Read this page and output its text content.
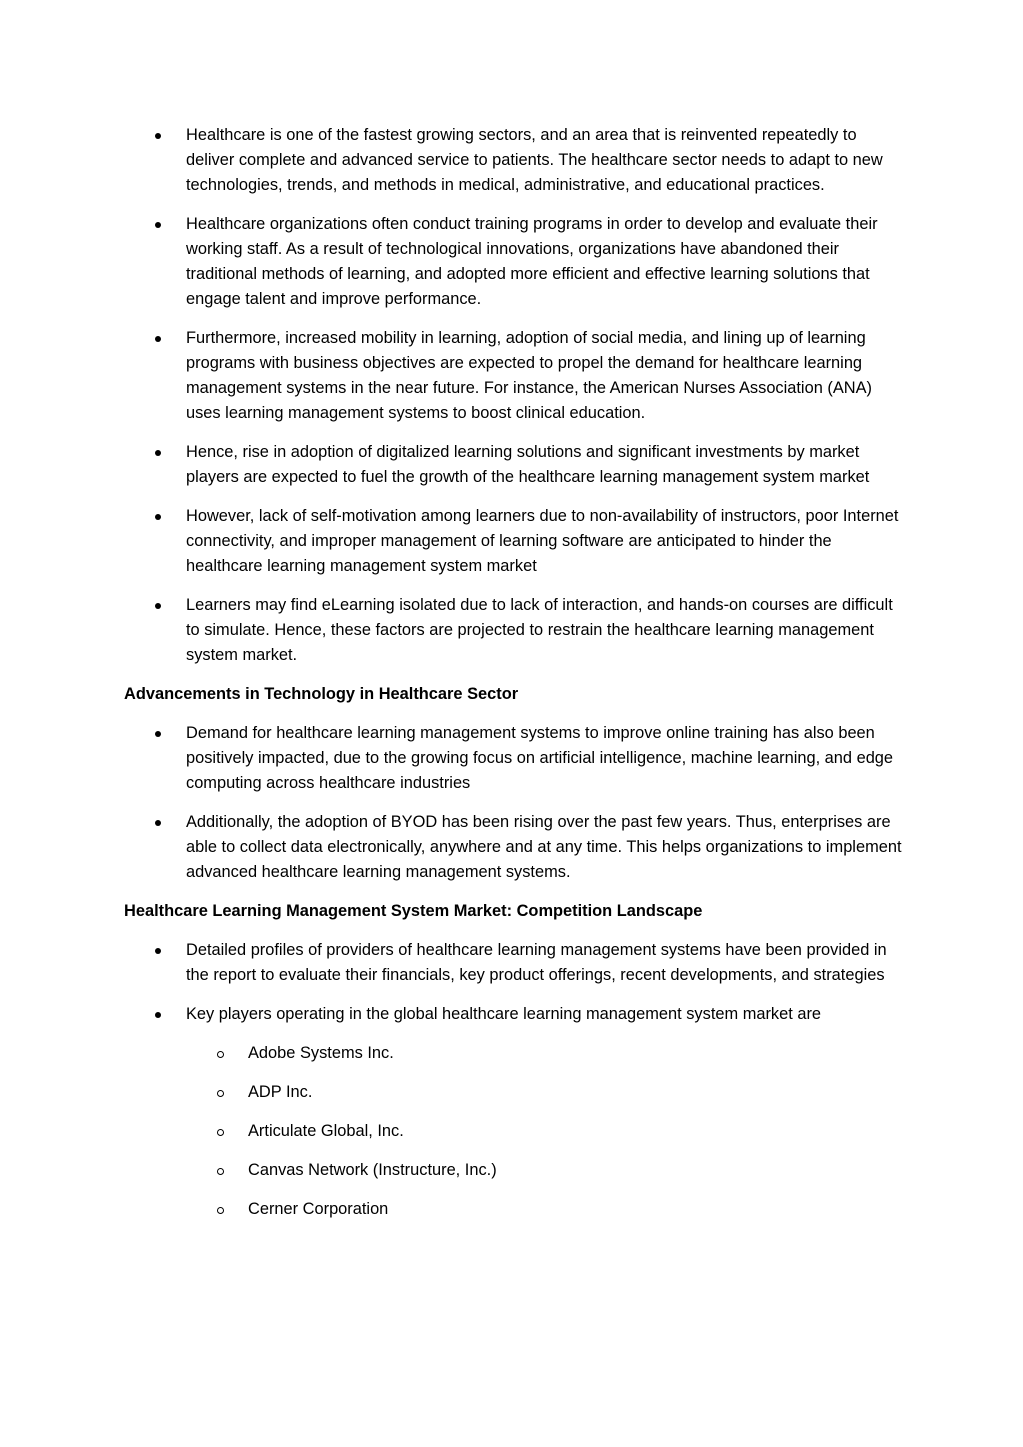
Healthcare is one of the fastest growing sectors, and an area that is reinvented repeatedly to deliver complete and advanced service to patients. The healthcare sector needs to adapt to new technologies, trends, and methods in medical, administrative, and educational practices.
Healthcare organizations often conduct training programs in order to develop and evaluate their working staff. As a result of technological innovations, organizations have abandoned their traditional methods of learning, and adopted more efficient and effective learning solutions that engage talent and improve performance.
Furthermore, increased mobility in learning, adoption of social media, and lining up of learning programs with business objectives are expected to propel the demand for healthcare learning management systems in the near future. For instance, the American Nurses Association (ANA) uses learning management systems to boost clinical education.
Hence, rise in adoption of digitalized learning solutions and significant investments by market players are expected to fuel the growth of the healthcare learning management system market
However, lack of self-motivation among learners due to non-availability of instructors, poor Internet connectivity, and improper management of learning software are anticipated to hinder the healthcare learning management system market
Learners may find eLearning isolated due to lack of interaction, and hands-on courses are difficult to simulate. Hence, these factors are projected to restrain the healthcare learning management system market.
Advancements in Technology in Healthcare Sector
Demand for healthcare learning management systems to improve online training has also been positively impacted, due to the growing focus on artificial intelligence, machine learning, and edge computing across healthcare industries
Additionally, the adoption of BYOD has been rising over the past few years. Thus, enterprises are able to collect data electronically, anywhere and at any time. This helps organizations to implement advanced healthcare learning management systems.
Healthcare Learning Management System Market: Competition Landscape
Detailed profiles of providers of healthcare learning management systems have been provided in the report to evaluate their financials, key product offerings, recent developments, and strategies
Key players operating in the global healthcare learning management system market are
Adobe Systems Inc.
ADP Inc.
Articulate Global, Inc.
Canvas Network (Instructure, Inc.)
Cerner Corporation
